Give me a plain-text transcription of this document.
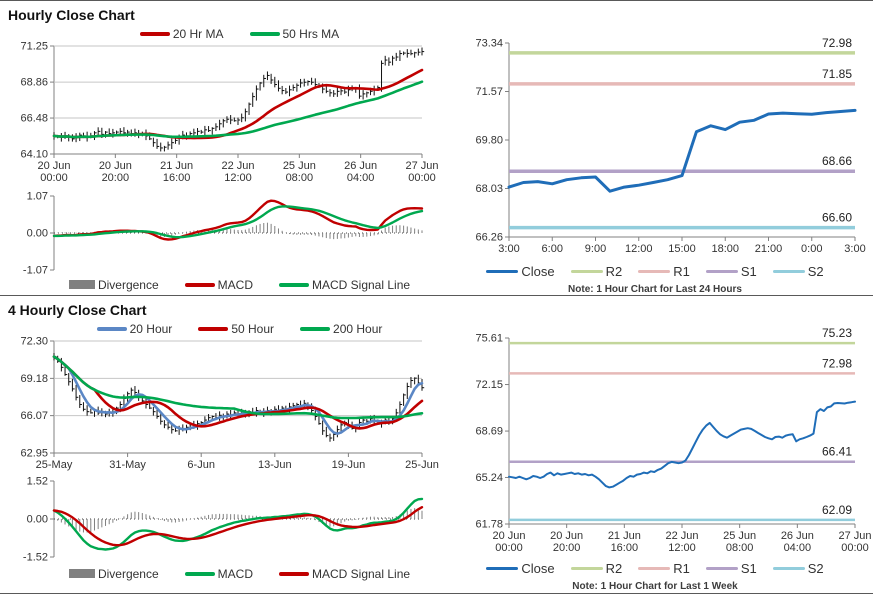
Hourly Close Chart
20 Hr MA	50 Hrs MA
71.25
68.86
66.48
64.10
20 Jun 00:00
20 Jun 20:00
21 Jun 16:00
22 Jun 12:00
25 Jun 08:00
26 Jun 04:00
27 Jun 00:00
1.07
0.00
-1.07
Divergence	MACD	MACD Signal Line
73.34
71.57
69.80
68.03
66.26
3:00 6:00 9:00 12:00 15:00 18:00 21:00 0:00 3:00
72.98
71.85
68.66
66.60
Close	R2	R1	S1	S2
Note: 1 Hour Chart for Last 24 Hours
4 Hourly Close Chart
20 Hour	50 Hour	200 Hour
72.30
69.18
66.07
62.95
25-May	31-May	6-Jun	13-Jun	19-Jun	25-Jun
1.52
0.00
-1.52
Divergence	MACD	MACD Signal Line
75.61
72.15
68.69
65.24
61.78
20 Jun 00:00
20 Jun 20:00
21 Jun 16:00
22 Jun 12:00
25 Jun 08:00
26 Jun 04:00
27 Jun 00:00
75.23
72.98
66.41
62.09
Close	R2	R1	S1	S2
Note: 1 Hour Chart for Last 1 Week
